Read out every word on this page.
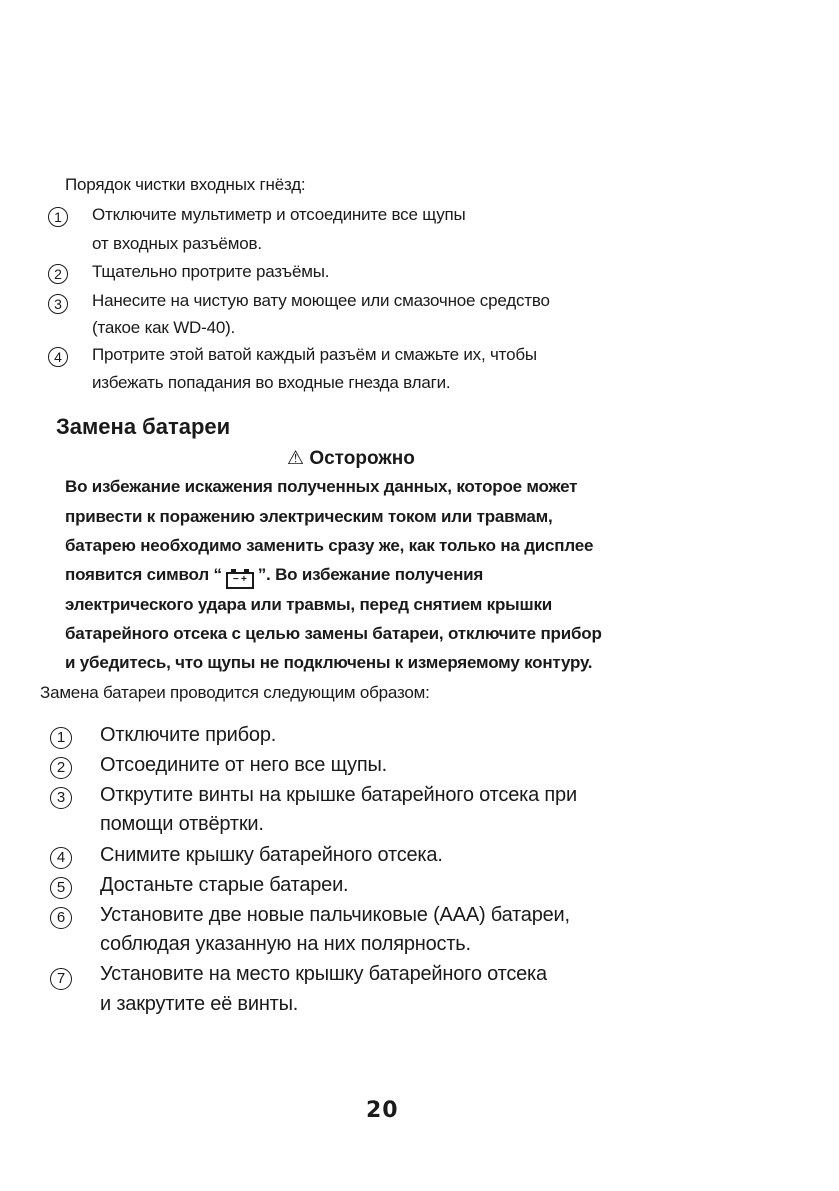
Порядок чистки входных гнёзд:
1	Отключите мультиметр и отсоедините все щупы
от входных разъёмов.
2	Тщательно протрите разъёмы.
3	Нанесите на чистую вату моющее или смазочное средство
(такое как WD-40).
4	Протрите этой ватой каждый разъём и смажьте их, чтобы
избежать попадания во входные гнезда влаги.
Замена батареи
⚠ Осторожно
Во избежание искажения полученных данных, которое может
привести к поражению электрическим током или травмам,
батарею необходимо заменить сразу же, как только на дисплее
появится символ “ − + ”. Во избежание получения
электрического удара или травмы, перед снятием крышки
батарейного отсека с целью замены батареи, отключите прибор
и убедитесь, что щупы не подключены к измеряемому контуру.
Замена батареи проводится следующим образом:
1	Отключите прибор.
2	Отсоедините от него все щупы.
3	Открутите винты на крышке батарейного отсека при
помощи отвёртки.
4	Снимите крышку батарейного отсека.
5	Достаньте старые батареи.
6	Установите две новые пальчиковые (ААА) батареи,
соблюдая указанную на них полярность.
7	Установите на место крышку батарейного отсека
и закрутите её винты.
20
